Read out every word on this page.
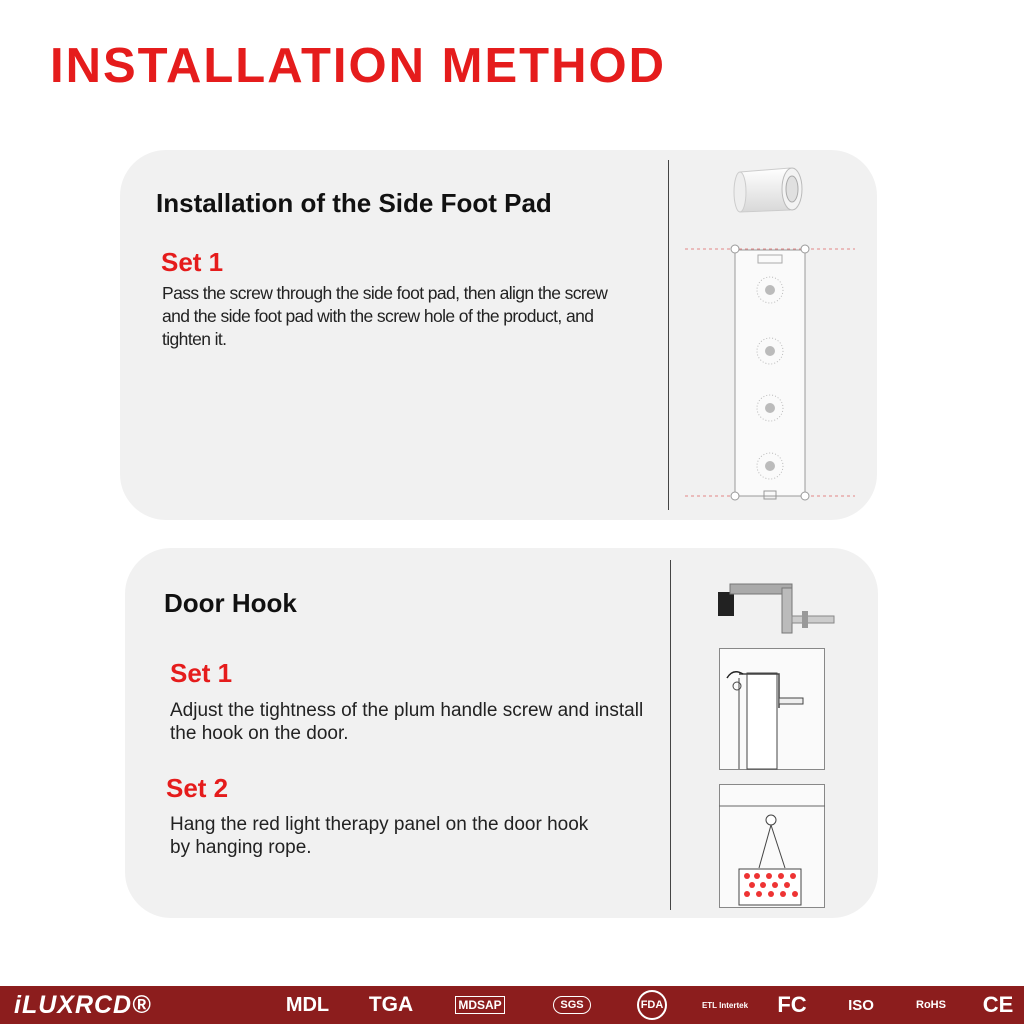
INSTALLATION METHOD
Installation of the Side Foot Pad
Set 1
Pass the screw through the side foot pad, then align the screw and the side foot pad with the screw hole of the product, and tighten it.
Door Hook
Set 1
Adjust the tightness of the plum handle screw and install the hook on the door.
Set 2
Hang the red light therapy panel on the door hook by hanging rope.
iLUXRCD®	MDL TGA	MDSAP	SGS	FDA	ETL Intertek FC	ISO	RoHS CE
